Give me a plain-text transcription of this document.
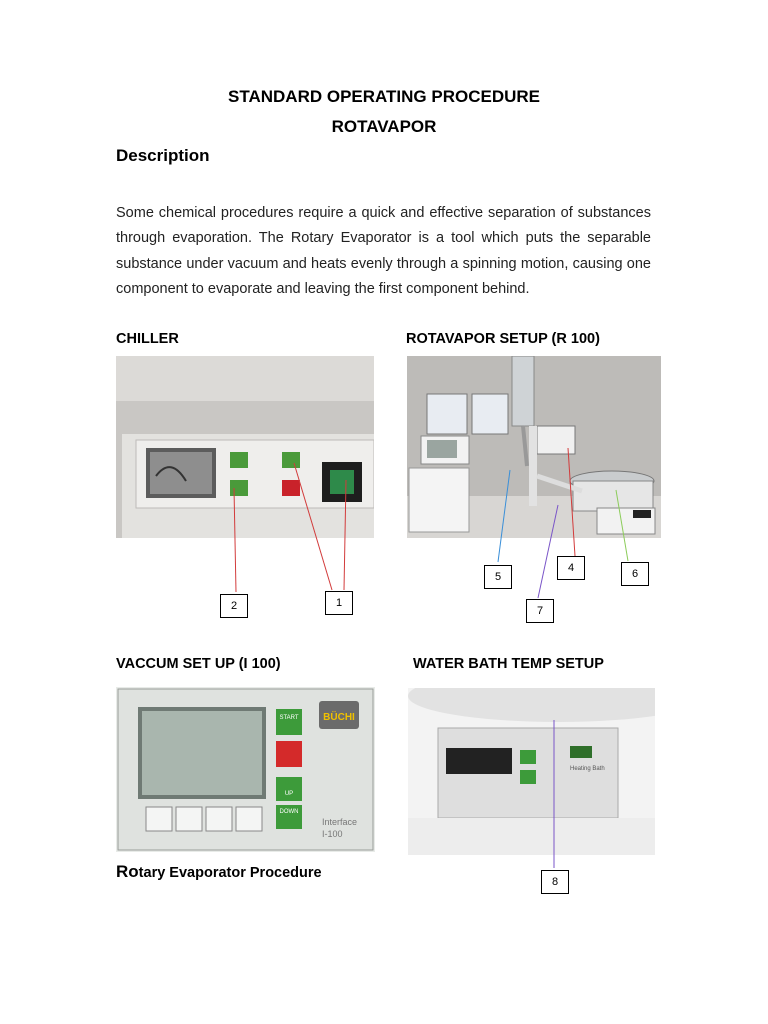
STANDARD OPERATING PROCEDURE
ROTAVAPOR
Description
Some chemical procedures require a quick and effective separation of substances through evaporation. The Rotary Evaporator is a tool which puts the separable substance under vacuum and heats evenly through a spinning motion, causing one component to evaporate and leaving the first component behind.
CHILLER	ROTAVAPOR SETUP (R 100)
VACCUM SET UP (I 100)	WATER BATH TEMP SETUP
BÜCHI
START
UP
DOWN
Interface
I-100
Heating Bath
2	1
5
4	6
7
8
Rotary Evaporator Procedure
